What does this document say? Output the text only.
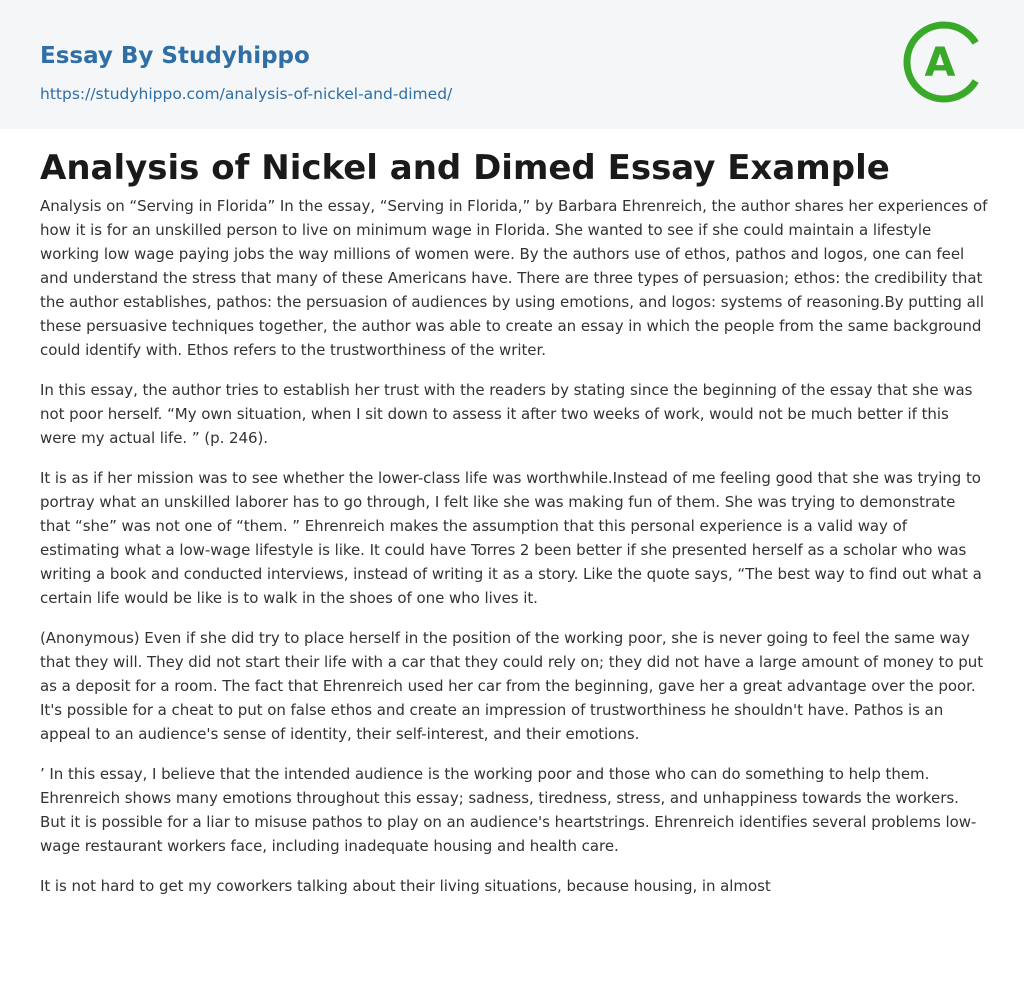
Essay By Studyhippo
https://studyhippo.com/analysis-of-nickel-and-dimed/
A
Analysis of Nickel and Dimed Essay Example

Analysis on “Serving in Florida” In the essay, “Serving in Florida,” by Barbara Ehrenreich, the author shares her experiences of how it is for an unskilled person to live on minimum wage in Florida. She wanted to see if she could maintain a lifestyle working low wage paying jobs the way millions of women were. By the authors use of ethos, pathos and logos, one can feel and understand the stress that many of these Americans have. There are three types of persuasion; ethos: the credibility that the author establishes, pathos: the persuasion of audiences by using emotions, and logos: systems of reasoning.By putting all these persuasive techniques together, the author was able to create an essay in which the people from the same background could identify with. Ethos refers to the trustworthiness of the writer.

In this essay, the author tries to establish her trust with the readers by stating since the beginning of the essay that she was not poor herself. “My own situation, when I sit down to assess it after two weeks of work, would not be much better if this were my actual life. ” (p. 246).

It is as if her mission was to see whether the lower-class life was worthwhile.Instead of me feeling good that she was trying to portray what an unskilled laborer has to go through, I felt like she was making fun of them. She was trying to demonstrate that “she” was not one of “them. ” Ehrenreich makes the assumption that this personal experience is a valid way of estimating what a low-wage lifestyle is like. It could have Torres 2 been better if she presented herself as a scholar who was writing a book and conducted interviews, instead of writing it as a story. Like the quote says, “The best way to find out what a certain life would be like is to walk in the shoes of one who lives it.

(Anonymous) Even if she did try to place herself in the position of the working poor, she is never going to feel the same way that they will. They did not start their life with a car that they could rely on; they did not have a large amount of money to put as a deposit for a room. The fact that Ehrenreich used her car from the beginning, gave her a great advantage over the poor. It's possible for a cheat to put on false ethos and create an impression of trustworthiness he shouldn't have. Pathos is an appeal to an audience's sense of identity, their self-interest, and their emotions.

’ In this essay, I believe that the intended audience is the working poor and those who can do something to help them. Ehrenreich shows many emotions throughout this essay; sadness, tiredness, stress, and unhappiness towards the workers. But it is possible for a liar to misuse pathos to play on an audience's heartstrings. Ehrenreich identifies several problems low-wage restaurant workers face, including inadequate housing and health care.

It is not hard to get my coworkers talking about their living situations, because housing, in almost
